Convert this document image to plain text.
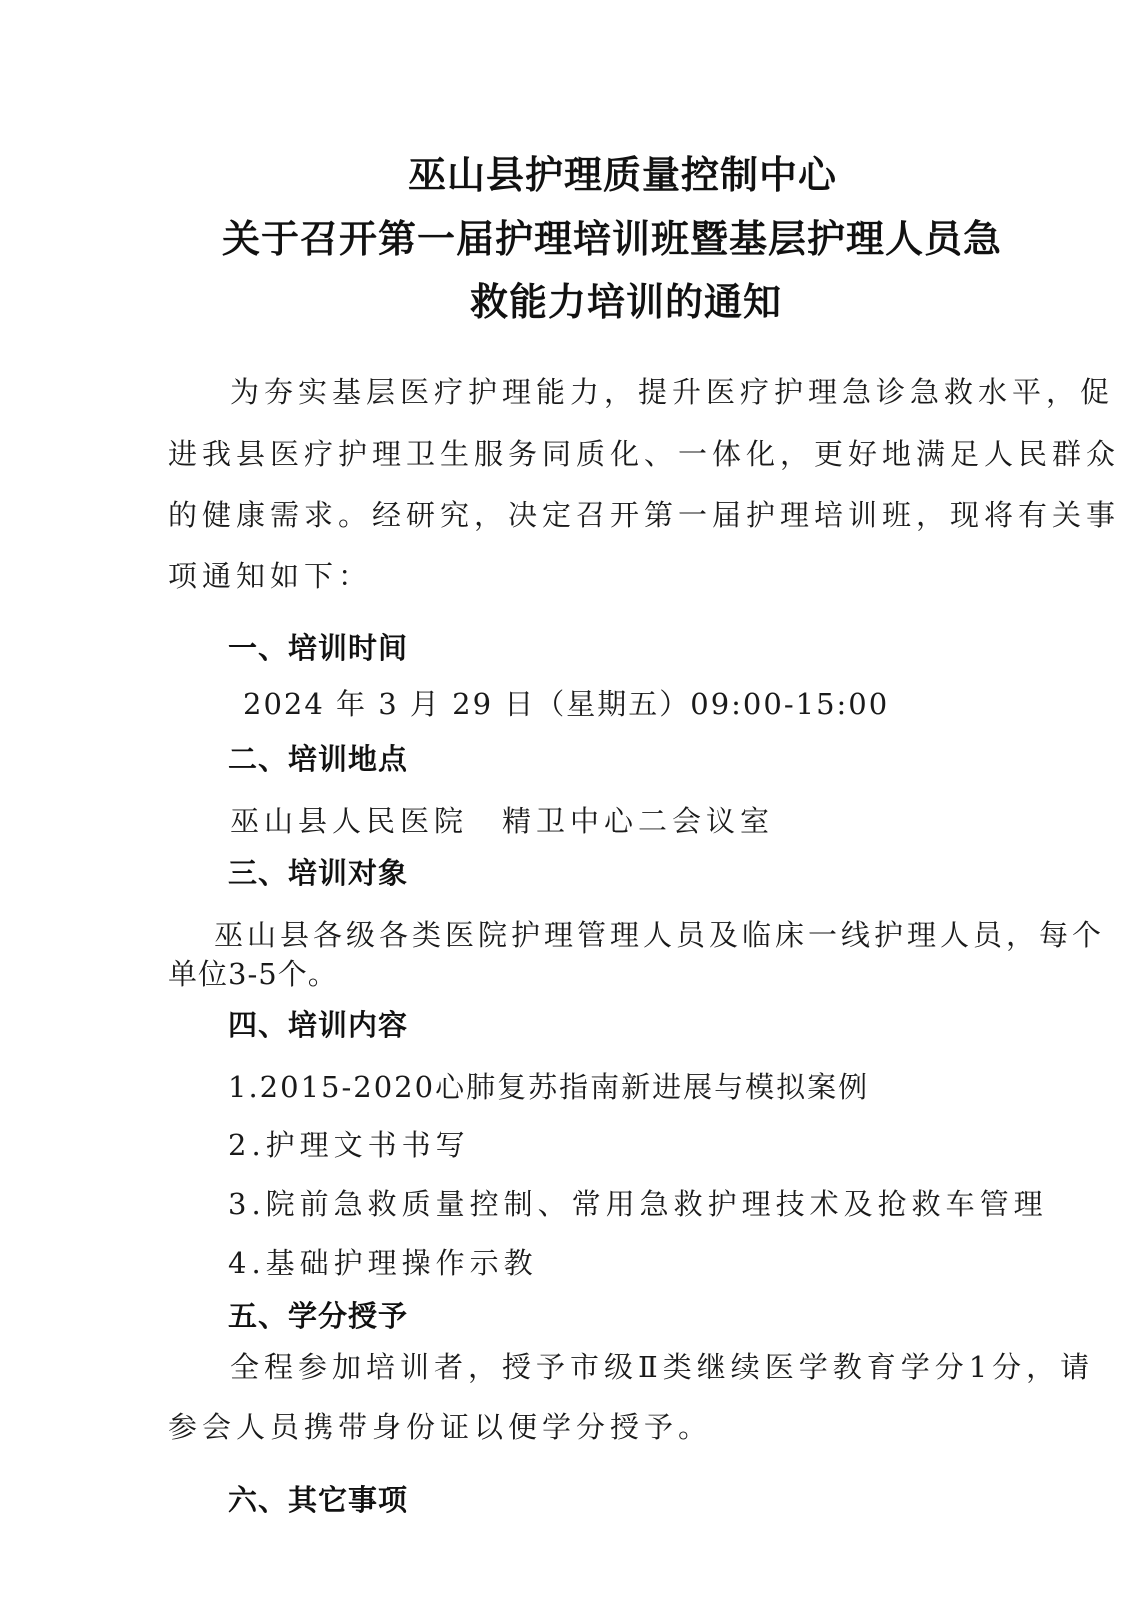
巫山县护理质量控制中心
关于召开第一届护理培训班暨基层护理人员急
救能力培训的通知
为夯实基层医疗护理能力，提升医疗护理急诊急救水平，促
进我县医疗护理卫生服务同质化、一体化，更好地满足人民群众
的健康需求。经研究，决定召开第一届护理培训班，现将有关事
项通知如下：
一、培训时间
2024 年 3 月 29 日（星期五）09:00-15:00
二、培训地点
巫山县人民医院　精卫中心二会议室
三、培训对象
巫山县各级各类医院护理管理人员及临床一线护理人员，每个
单位3-5个。
四、培训内容
1.2015-2020心肺复苏指南新进展与模拟案例
2.护理文书书写
3.院前急救质量控制、常用急救护理技术及抢救车管理
4.基础护理操作示教
五、学分授予
全程参加培训者，授予市级Ⅱ类继续医学教育学分1分，请
参会人员携带身份证以便学分授予。
六、其它事项
